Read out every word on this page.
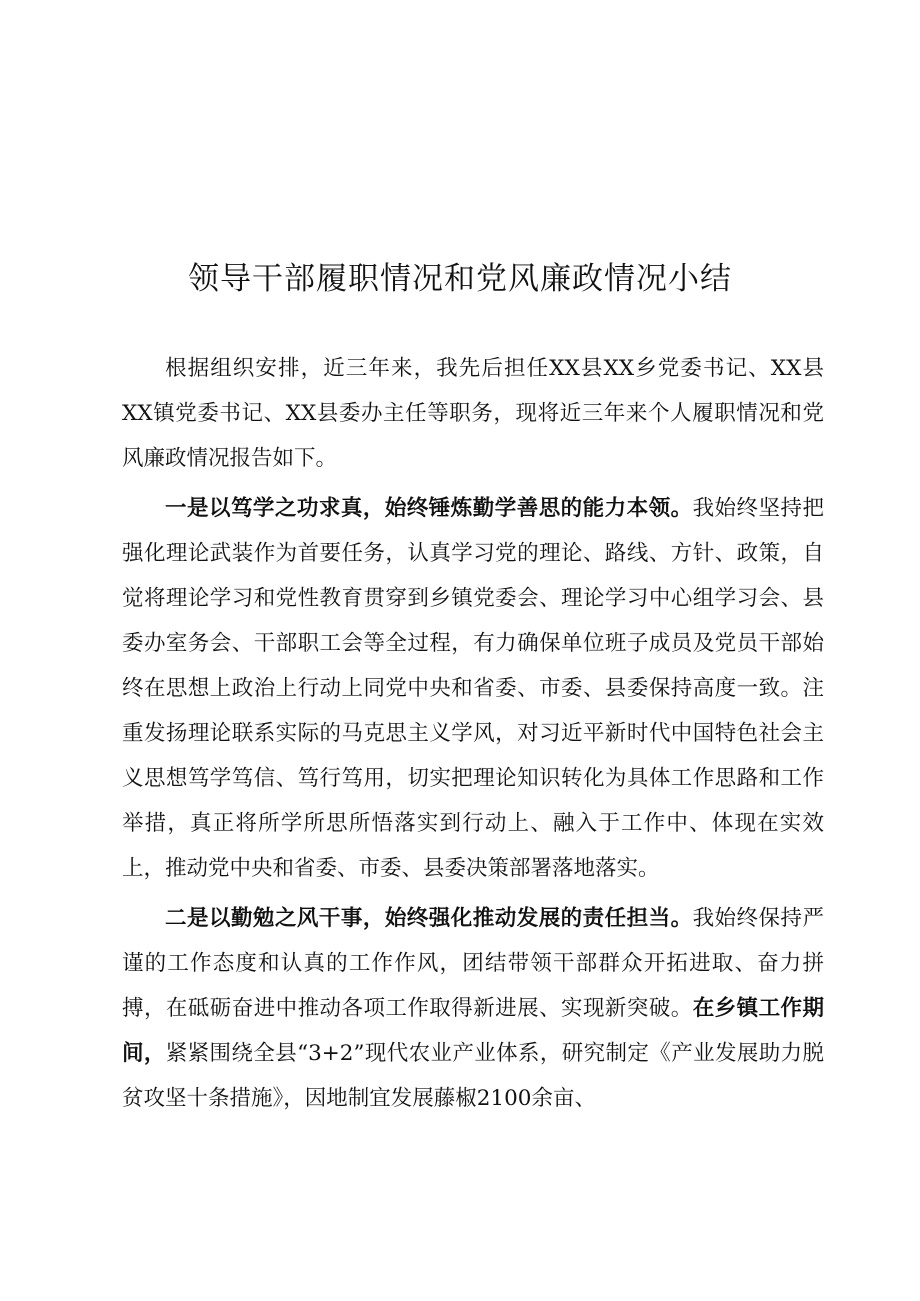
领导干部履职情况和党风廉政情况小结

根据组织安排，近三年来，我先后担任XX县XX乡党委书记、XX县XX镇党委书记、XX县委办主任等职务，现将近三年来个人履职情况和党风廉政情况报告如下。

一是以笃学之功求真，始终锤炼勤学善思的能力本领。我始终坚持把强化理论武装作为首要任务，认真学习党的理论、路线、方针、政策，自觉将理论学习和党性教育贯穿到乡镇党委会、理论学习中心组学习会、县委办室务会、干部职工会等全过程，有力确保单位班子成员及党员干部始终在思想上政治上行动上同党中央和省委、市委、县委保持高度一致。注重发扬理论联系实际的马克思主义学风，对习近平新时代中国特色社会主义思想笃学笃信、笃行笃用，切实把理论知识转化为具体工作思路和工作举措，真正将所学所思所悟落实到行动上、融入于工作中、体现在实效上，推动党中央和省委、市委、县委决策部署落地落实。

二是以勤勉之风干事，始终强化推动发展的责任担当。我始终保持严谨的工作态度和认真的工作作风，团结带领干部群众开拓进取、奋力拼搏，在砥砺奋进中推动各项工作取得新进展、实现新突破。在乡镇工作期间，紧紧围绕全县“3+2”现代农业产业体系，研究制定《产业发展助力脱贫攻坚十条措施》，因地制宜发展藤椒2100余亩、
